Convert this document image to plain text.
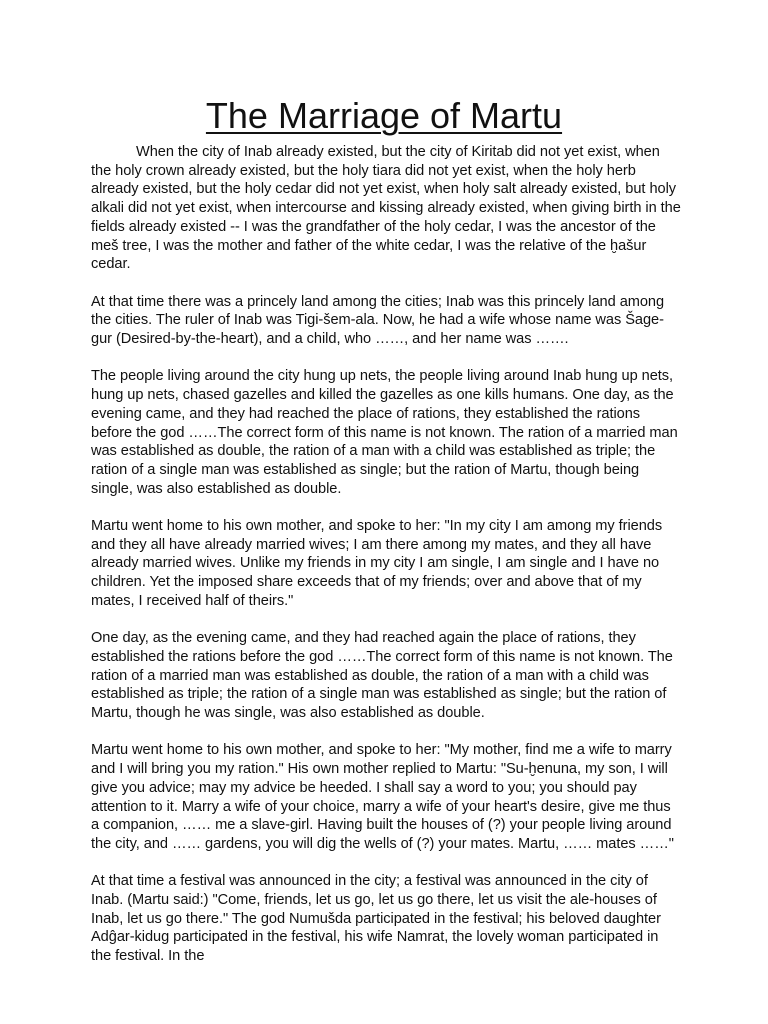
The Marriage of Martu

When the city of Inab already existed, but the city of Kiritab did not yet exist, when the holy crown already existed, but the holy tiara did not yet exist, when the holy herb already existed, but the holy cedar did not yet exist, when holy salt already existed, but holy alkali did not yet exist, when intercourse and kissing already existed, when giving birth in the fields already existed -- I was the grandfather of the holy cedar, I was the ancestor of the meš tree, I was the mother and father of the white cedar, I was the relative of the ḫašur cedar.

At that time there was a princely land among the cities; Inab was this princely land among the cities. The ruler of Inab was Tigi-šem-ala. Now, he had a wife whose name was Šage-gur (Desired-by-the-heart), and a child, who ……, and her name was …….

The people living around the city hung up nets, the people living around Inab hung up nets, hung up nets, chased gazelles and killed the gazelles as one kills humans. One day, as the evening came, and they had reached the place of rations, they established the rations before the god ……The correct form of this name is not known. The ration of a married man was established as double, the ration of a man with a child was established as triple; the ration of a single man was established as single; but the ration of Martu, though being single, was also established as double.

Martu went home to his own mother, and spoke to her: "In my city I am among my friends and they all have already married wives; I am there among my mates, and they all have already married wives. Unlike my friends in my city I am single, I am single and I have no children. Yet the imposed share exceeds that of my friends; over and above that of my mates, I received half of theirs."

One day, as the evening came, and they had reached again the place of rations, they established the rations before the god ……The correct form of this name is not known. The ration of a married man was established as double, the ration of a man with a child was established as triple; the ration of a single man was established as single; but the ration of Martu, though he was single, was also established as double.

Martu went home to his own mother, and spoke to her: "My mother, find me a wife to marry and I will bring you my ration." His own mother replied to Martu: "Su-ḫenuna, my son, I will give you advice; may my advice be heeded. I shall say a word to you; you should pay attention to it. Marry a wife of your choice, marry a wife of your heart's desire, give me thus a companion, …… me a slave-girl. Having built the houses of (?) your people living around the city, and …… gardens, you will dig the wells of (?) your mates. Martu, …… mates ……"

At that time a festival was announced in the city; a festival was announced in the city of Inab. (Martu said:) "Come, friends, let us go, let us go there, let us visit the ale-houses of Inab, let us go there." The god Numušda participated in the festival; his beloved daughter Adĝar-kidug participated in the festival, his wife Namrat, the lovely woman participated in the festival. In the
